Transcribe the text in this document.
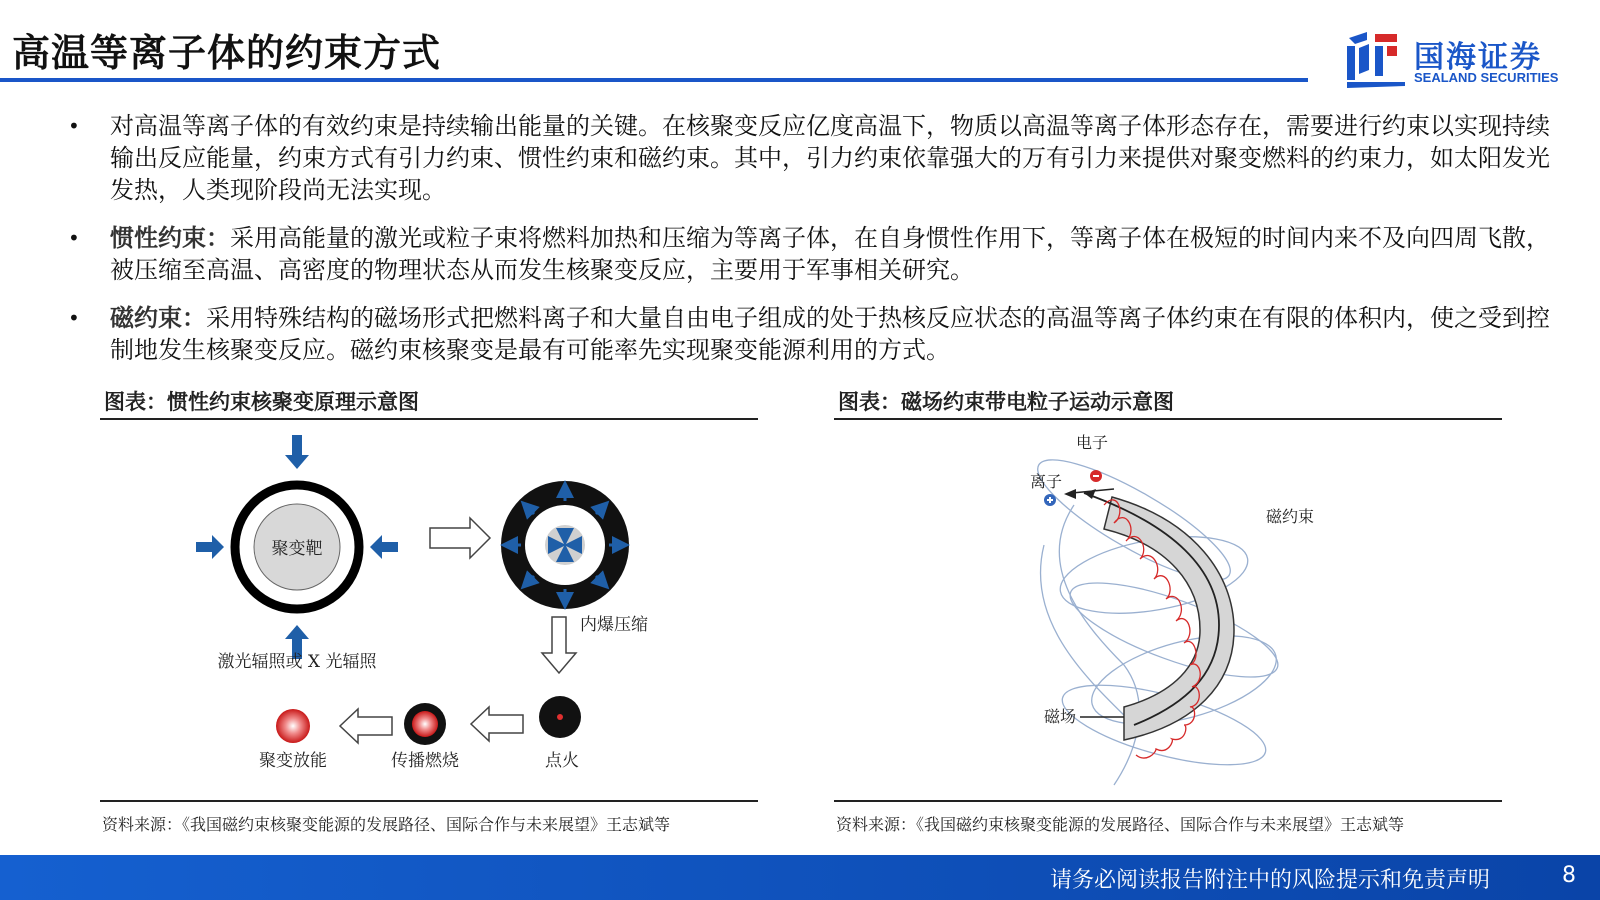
高温等离子体的约束方式	国海证券
SEALAND SECURITIES
• 对高温等离子体的有效约束是持续输出能量的关键。在核聚变反应亿度高温下，物质以高温等离子体形态存在，需要进行约束以实现持续输出反应能量，约束方式有引力约束、惯性约束和磁约束。其中，引力约束依靠强大的万有引力来提供对聚变燃料的约束力，如太阳发光发热，人类现阶段尚无法实现。
• 惯性约束：采用高能量的激光或粒子束将燃料加热和压缩为等离子体，在自身惯性作用下，等离子体在极短的时间内来不及向四周飞散，被压缩至高温、高密度的物理状态从而发生核聚变反应，主要用于军事相关研究。
• 磁约束：采用特殊结构的磁场形式把燃料离子和大量自由电子组成的处于热核反应状态的高温等离子体约束在有限的体积内，使之受到控制地发生核聚变反应。磁约束核聚变是最有可能率先实现聚变能源利用的方式。
图表：惯性约束核聚变原理示意图
聚变靶
激光辐照或 X 光辐照
内爆压缩
聚变放能	传播燃烧	点火
资料来源：《我国磁约束核聚变能源的发展路径、国际合作与未来展望》王志斌等
图表：磁场约束带电粒子运动示意图
电子
离子
磁约束
磁场
资料来源：《我国磁约束核聚变能源的发展路径、国际合作与未来展望》王志斌等
请务必阅读报告附注中的风险提示和免责声明	8
